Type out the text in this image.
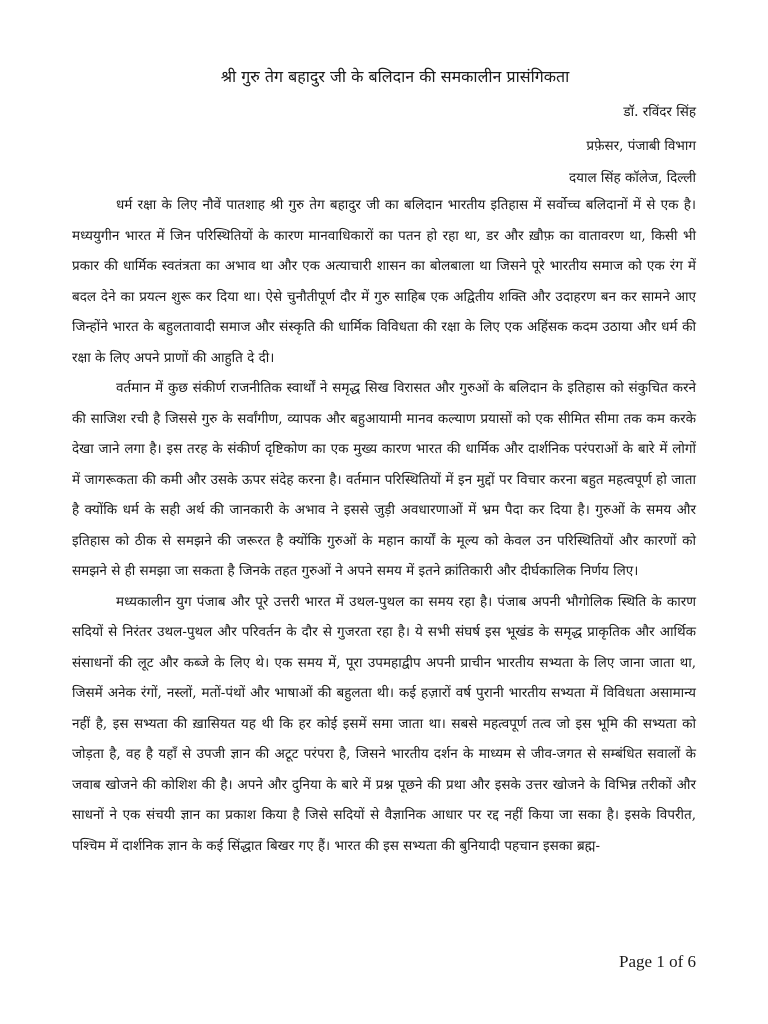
श्री गुरु तेग बहादुर जी के बलिदान की समकालीन प्रासंगिकता
डॉ. रविंदर सिंह
प्रफ़ेसर, पंजाबी विभाग
दयाल सिंह कॉलेज, दिल्ली

धर्म रक्षा के लिए नौवें पातशाह श्री गुरु तेग बहादुर जी का बलिदान भारतीय इतिहास में सर्वोच्च बलिदानों में से एक है। मध्ययुगीन भारत में जिन परिस्थितियों के कारण मानवाधिकारों का पतन हो रहा था, डर और ख़ौफ़ का वातावरण था, किसी भी प्रकार की धार्मिक स्वतंत्रता का अभाव था और एक अत्याचारी शासन का बोलबाला था जिसने पूरे भारतीय समाज को एक रंग में बदल देने का प्रयत्न शुरू कर दिया था। ऐसे चुनौतीपूर्ण दौर में गुरु साहिब एक अद्वितीय शक्ति और उदाहरण बन कर सामने आए जिन्होंने भारत के बहुलतावादी समाज और संस्कृति की धार्मिक विविधता की रक्षा के लिए एक अहिंसक कदम उठाया और धर्म की रक्षा के लिए अपने प्राणों की आहुति दे दी।

वर्तमान में कुछ संकीर्ण राजनीतिक स्वार्थों ने समृद्ध सिख विरासत और गुरुओं के बलिदान के इतिहास को संकुचित करने की साजिश रची है जिससे गुरु के सर्वांगीण, व्यापक और बहुआयामी मानव कल्याण प्रयासों को एक सीमित सीमा तक कम करके देखा जाने लगा है। इस तरह के संकीर्ण दृष्टिकोण का एक मुख्य कारण भारत की धार्मिक और दार्शनिक परंपराओं के बारे में लोगों में जागरूकता की कमी और उसके ऊपर संदेह करना है। वर्तमान परिस्थितियों में इन मुद्दों पर विचार करना बहुत महत्वपूर्ण हो जाता है क्योंकि धर्म के सही अर्थ की जानकारी के अभाव ने इससे जुड़ी अवधारणाओं में भ्रम पैदा कर दिया है। गुरुओं के समय और इतिहास को ठीक से समझने की जरूरत है क्योंकि गुरुओं के महान कार्यों के मूल्य को केवल उन परिस्थितियों और कारणों को समझने से ही समझा जा सकता है जिनके तहत गुरुओं ने अपने समय में इतने क्रांतिकारी और दीर्घकालिक निर्णय लिए।

मध्यकालीन युग पंजाब और पूरे उत्तरी भारत में उथल-पुथल का समय रहा है। पंजाब अपनी भौगोलिक स्थिति के कारण सदियों से निरंतर उथल-पुथल और परिवर्तन के दौर से गुजरता रहा है। ये सभी संघर्ष इस भूखंड के समृद्ध प्राकृतिक और आर्थिक संसाधनों की लूट और कब्जे के लिए थे। एक समय में, पूरा उपमहाद्वीप अपनी प्राचीन भारतीय सभ्यता के लिए जाना जाता था, जिसमें अनेक रंगों, नस्लों, मतों-पंथों और भाषाओं की बहुलता थी। कई हज़ारों वर्ष पुरानी भारतीय सभ्यता में विविधता असामान्य नहीं है, इस सभ्यता की ख़ासियत यह थी कि हर कोई इसमें समा जाता था। सबसे महत्वपूर्ण तत्व जो इस भूमि की सभ्यता को जोड़ता है, वह है यहाँ से उपजी ज्ञान की अटूट परंपरा है, जिसने भारतीय दर्शन के माध्यम से जीव-जगत से सम्बंधित सवालों के जवाब खोजने की कोशिश की है। अपने और दुनिया के बारे में प्रश्न पूछने की प्रथा और इसके उत्तर खोजने के विभिन्न तरीकों और साधनों ने एक संचयी ज्ञान का प्रकाश किया है जिसे सदियों से वैज्ञानिक आधार पर रद्द नहीं किया जा सका है। इसके विपरीत, पश्चिम में दार्शनिक ज्ञान के कई सिंद्धात बिखर गए हैं। भारत की इस सभ्यता की बुनियादी पहचान इसका ब्रह्म-

Page 1 of 6
